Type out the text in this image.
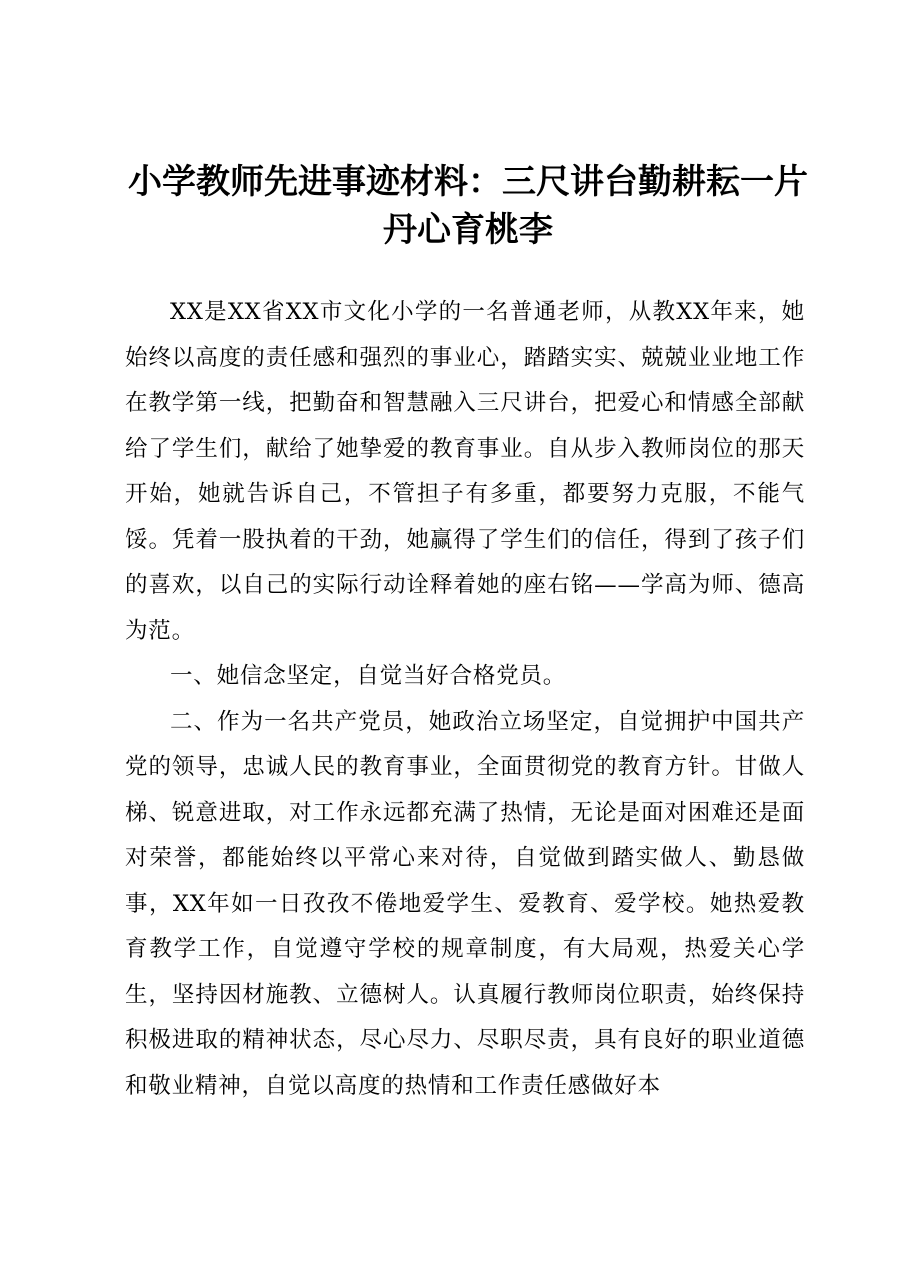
小学教师先进事迹材料：三尺讲台勤耕耘一片丹心育桃李

XX是XX省XX市文化小学的一名普通老师，从教XX年来，她始终以高度的责任感和强烈的事业心，踏踏实实、兢兢业业地工作在教学第一线，把勤奋和智慧融入三尺讲台，把爱心和情感全部献给了学生们，献给了她挚爱的教育事业。自从步入教师岗位的那天开始，她就告诉自己，不管担子有多重，都要努力克服，不能气馁。凭着一股执着的干劲，她赢得了学生们的信任，得到了孩子们的喜欢，以自己的实际行动诠释着她的座右铭——学高为师、德高为范。

一、她信念坚定，自觉当好合格党员。

二、作为一名共产党员，她政治立场坚定，自觉拥护中国共产党的领导，忠诚人民的教育事业，全面贯彻党的教育方针。甘做人梯、锐意进取，对工作永远都充满了热情，无论是面对困难还是面对荣誉，都能始终以平常心来对待，自觉做到踏实做人、勤恳做事，XX年如一日孜孜不倦地爱学生、爱教育、爱学校。她热爱教育教学工作，自觉遵守学校的规章制度，有大局观，热爱关心学生，坚持因材施教、立德树人。认真履行教师岗位职责，始终保持积极进取的精神状态，尽心尽力、尽职尽责，具有良好的职业道德和敬业精神，自觉以高度的热情和工作责任感做好本
